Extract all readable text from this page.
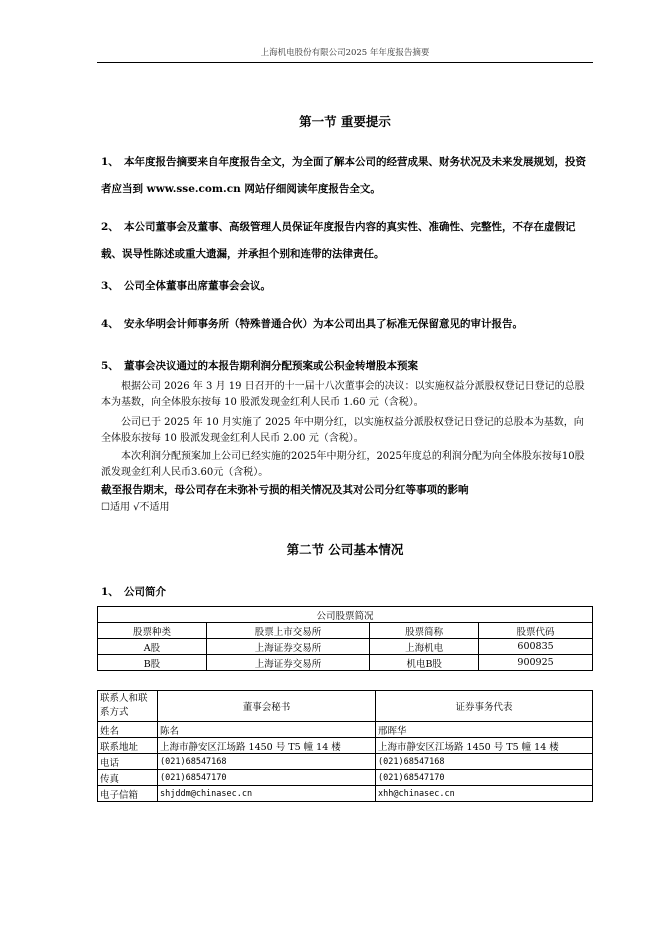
上海机电股份有限公司2025 年年度报告摘要
第一节 重要提示
1、 本年度报告摘要来自年度报告全文，为全面了解本公司的经营成果、财务状况及未来发展规划，投资者应当到 www.sse.com.cn 网站仔细阅读年度报告全文。
2、 本公司董事会及董事、高级管理人员保证年度报告内容的真实性、准确性、完整性，不存在虚假记载、误导性陈述或重大遗漏，并承担个别和连带的法律责任。
3、 公司全体董事出席董事会会议。
4、 安永华明会计师事务所（特殊普通合伙）为本公司出具了标准无保留意见的审计报告。
5、 董事会决议通过的本报告期利润分配预案或公积金转增股本预案
根据公司 2026 年 3 月 19 日召开的十一届十八次董事会的决议：以实施权益分派股权登记日登记的总股本为基数，向全体股东按每 10 股派发现金红利人民币 1.60 元（含税）。
公司已于 2025 年 10 月实施了 2025 年中期分红，以实施权益分派股权登记日登记的总股本为基数，向全体股东按每 10 股派发现金红利人民币 2.00 元（含税）。
本次利润分配预案加上公司已经实施的2025年中期分红，2025年度总的利润分配为向全体股东按每10股派发现金红利人民币3.60元（含税）。
截至报告期末，母公司存在未弥补亏损的相关情况及其对公司分红等事项的影响
☐适用 √不适用
第二节 公司基本情况
1、 公司简介
公司股票简况			
股票种类	股票上市交易所	股票简称	股票代码
A股	上海证券交易所	上海机电	600835
B股	上海证券交易所	机电B股	900925
联系人和联系方式	董事会秘书	证券事务代表
姓名	陈名	邢晖华
联系地址	上海市静安区江场路 1450 号 T5 幢 14 楼	上海市静安区江场路 1450 号 T5 幢 14 楼
电话	(021)68547168	(021)68547168
传真	(021)68547170	(021)68547170
电子信箱	shjddm@chinasec.cn	xhh@chinasec.cn
